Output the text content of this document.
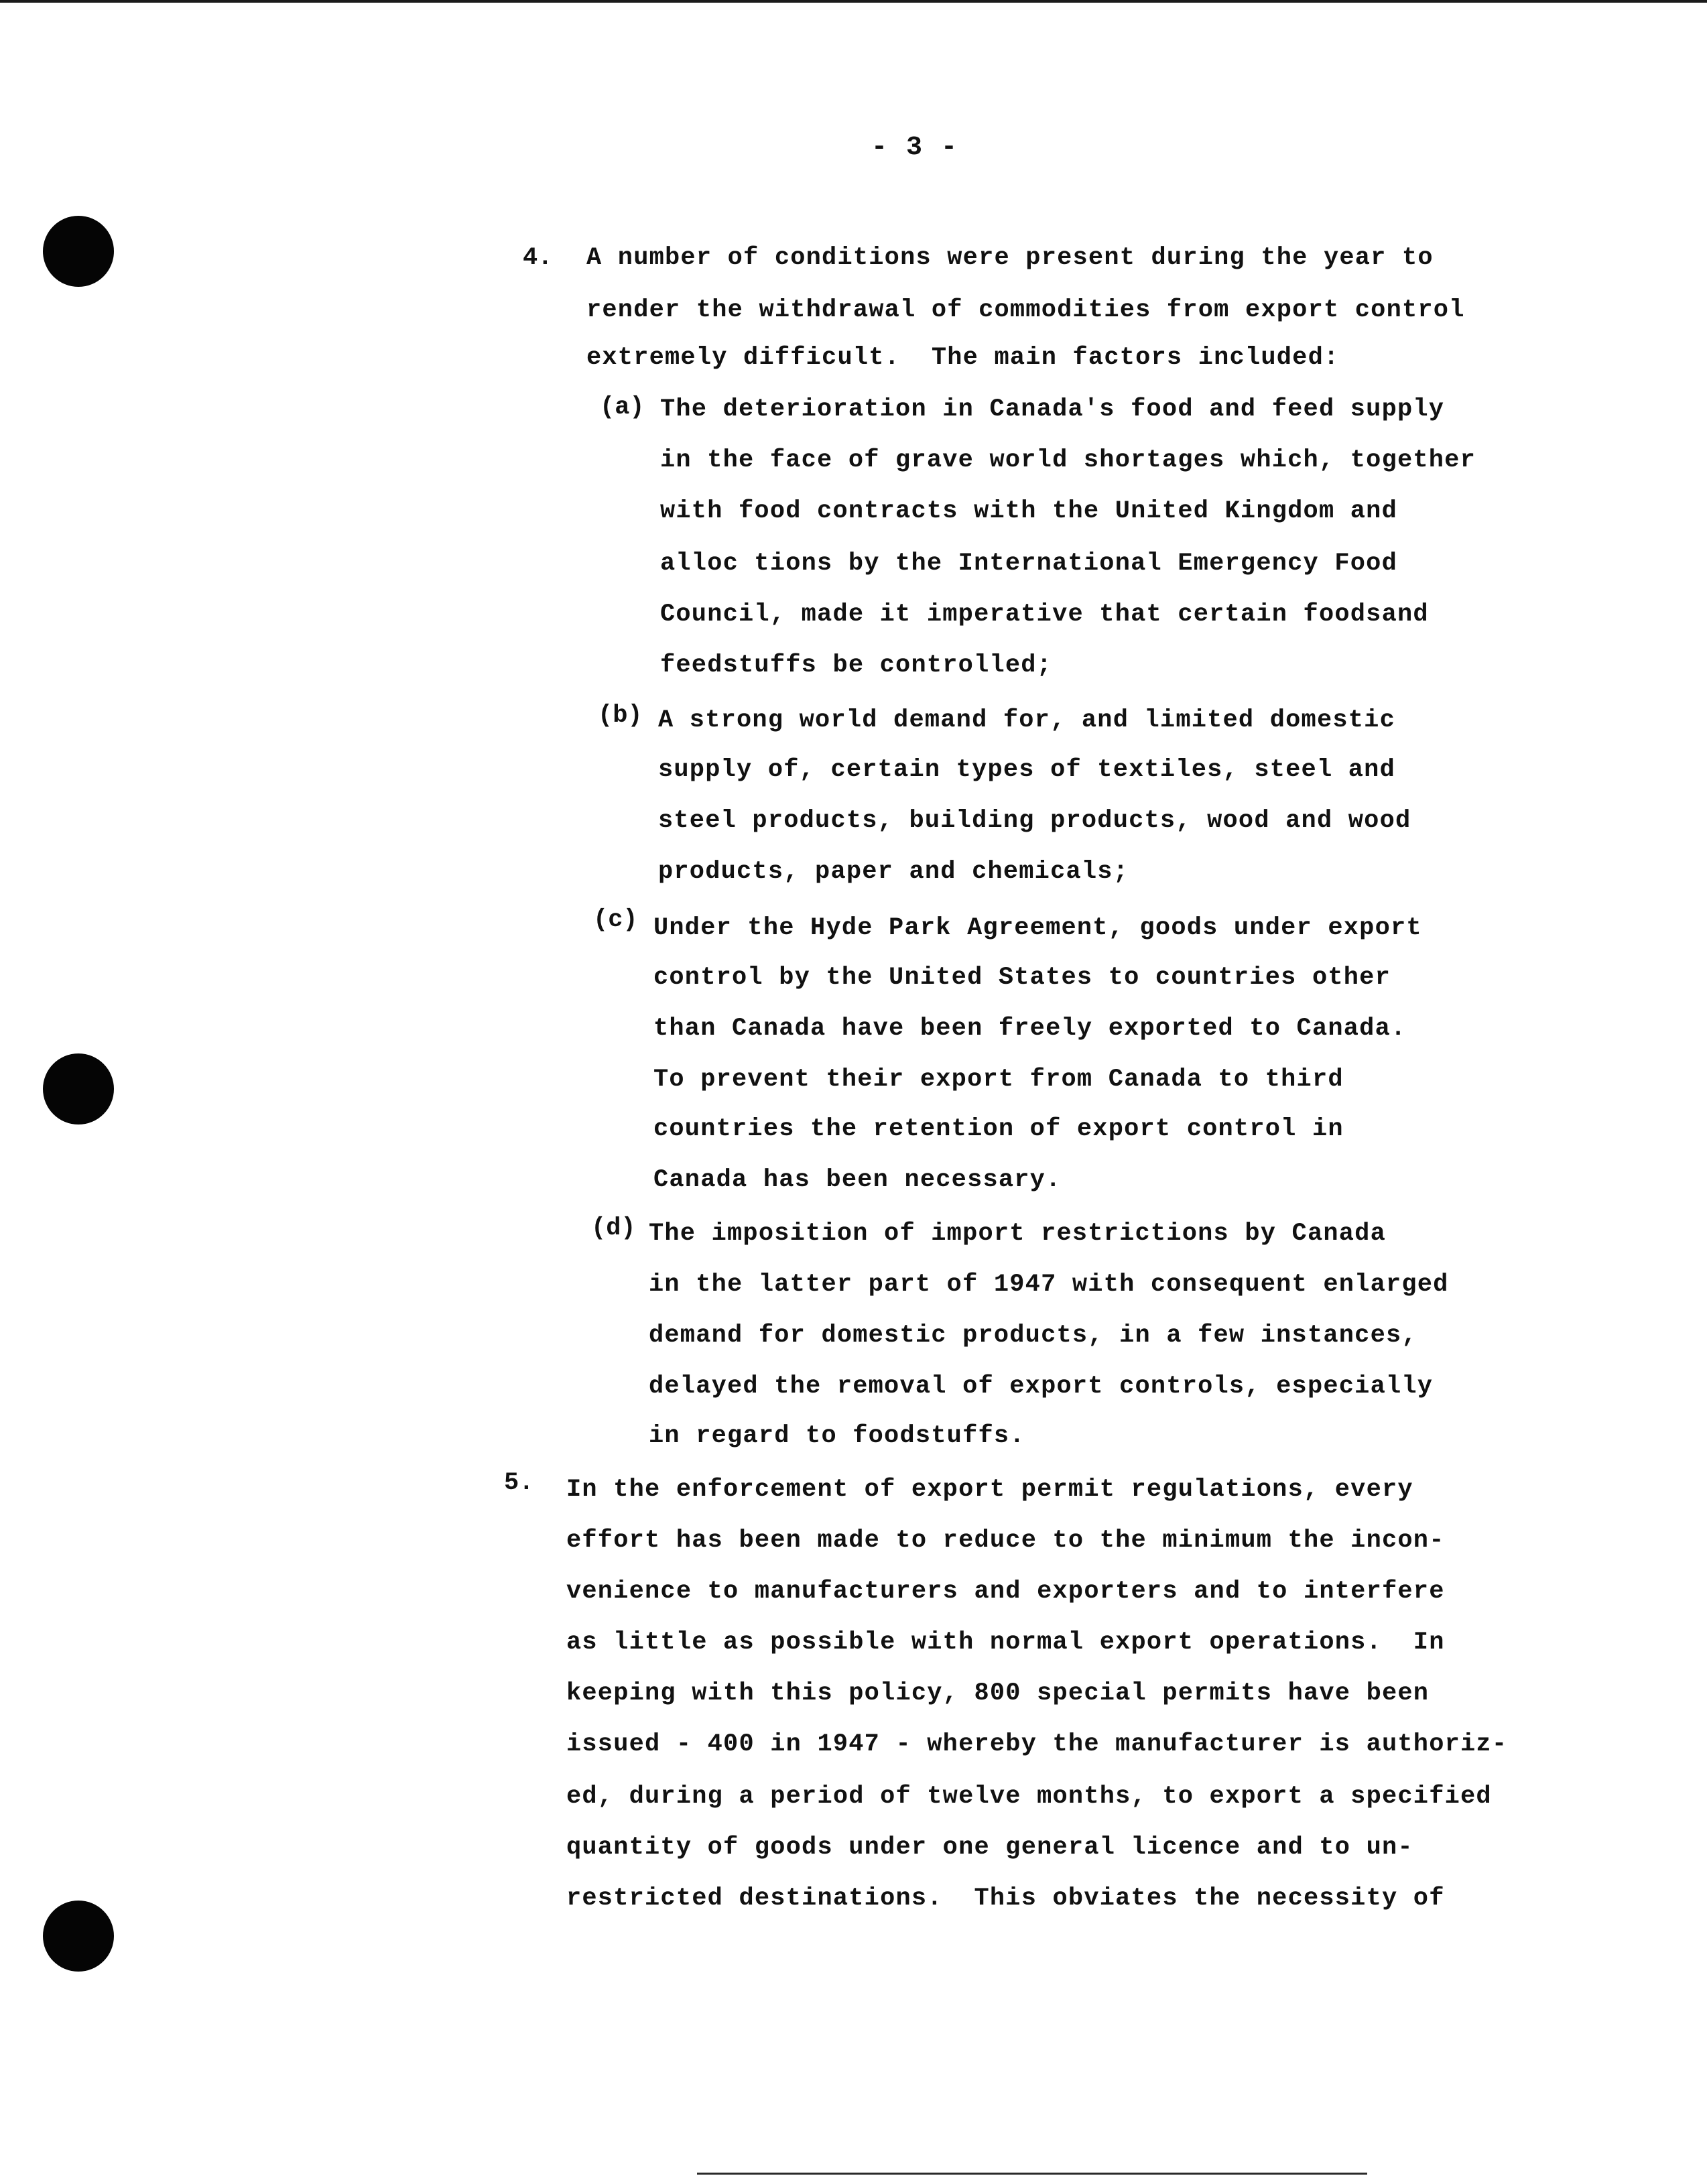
- 3 -
4. A number of conditions were present during the year to
render the withdrawal of commodities from export control
extremely difficult.  The main factors included:
(a) The deterioration in Canada's food and feed supply
in the face of grave world shortages which, together
with food contracts with the United Kingdom and
alloc tions by the International Emergency Food
Council, made it imperative that certain foodsand
feedstuffs be controlled;
(b) A strong world demand for, and limited domestic
supply of, certain types of textiles, steel and
steel products, building products, wood and wood
products, paper and chemicals;
(c) Under the Hyde Park Agreement, goods under export
control by the United States to countries other
than Canada have been freely exported to Canada.
To prevent their export from Canada to third
countries the retention of export control in
Canada has been necessary.
(d) The imposition of import restrictions by Canada
in the latter part of 1947 with consequent enlarged
demand for domestic products, in a few instances,
delayed the removal of export controls, especially
in regard to foodstuffs.
5. In the enforcement of export permit regulations, every
effort has been made to reduce to the minimum the incon-
venience to manufacturers and exporters and to interfere
as little as possible with normal export operations.  In
keeping with this policy, 800 special permits have been
issued - 400 in 1947 - whereby the manufacturer is authoriz-
ed, during a period of twelve months, to export a specified
quantity of goods under one general licence and to un-
restricted destinations.  This obviates the necessity of
